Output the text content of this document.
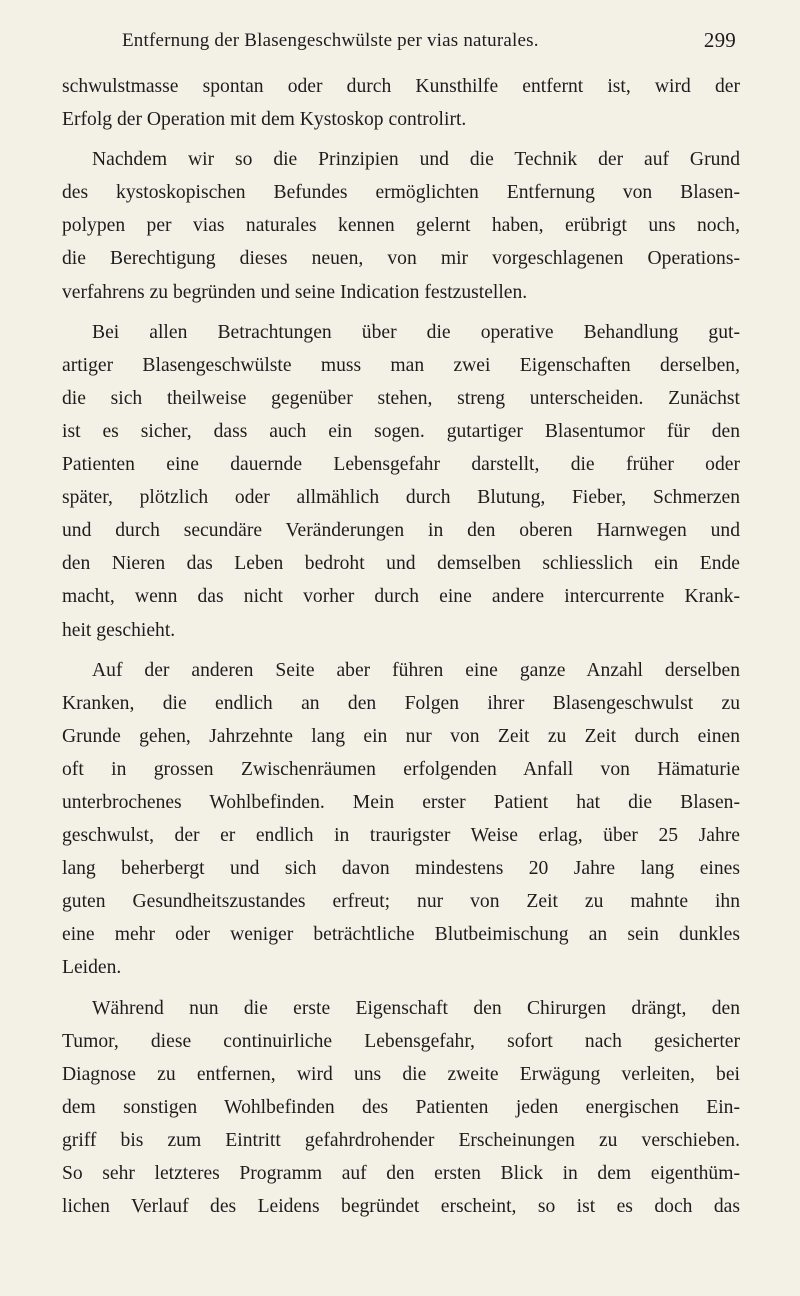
Entfernung der Blasengeschwülste per vias naturales.	299
schwulstmasse spontan oder durch Kunsthilfe entfernt ist, wird der
Erfolg der Operation mit dem Kystoskop controlirt.
Nachdem wir so die Prinzipien und die Technik der auf Grund
des kystoskopischen Befundes ermöglichten Entfernung von Blasen-
polypen per vias naturales kennen gelernt haben, erübrigt uns noch,
die Berechtigung dieses neuen, von mir vorgeschlagenen Operations-
verfahrens zu begründen und seine Indication festzustellen.
Bei allen Betrachtungen über die operative Behandlung gut-
artiger Blasengeschwülste muss man zwei Eigenschaften derselben,
die sich theilweise gegenüber stehen, streng unterscheiden. Zunächst
ist es sicher, dass auch ein sogen. gutartiger Blasentumor für den
Patienten eine dauernde Lebensgefahr darstellt, die früher oder
später, plötzlich oder allmählich durch Blutung, Fieber, Schmerzen
und durch secundäre Veränderungen in den oberen Harnwegen und
den Nieren das Leben bedroht und demselben schliesslich ein Ende
macht, wenn das nicht vorher durch eine andere intercurrente Krank-
heit geschieht.
Auf der anderen Seite aber führen eine ganze Anzahl derselben
Kranken, die endlich an den Folgen ihrer Blasengeschwulst zu
Grunde gehen, Jahrzehnte lang ein nur von Zeit zu Zeit durch einen
oft in grossen Zwischenräumen erfolgenden Anfall von Hämaturie
unterbrochenes Wohlbefinden. Mein erster Patient hat die Blasen-
geschwulst, der er endlich in traurigster Weise erlag, über 25 Jahre
lang beherbergt und sich davon mindestens 20 Jahre lang eines
guten Gesundheitszustandes erfreut; nur von Zeit zu mahnte ihn
eine mehr oder weniger beträchtliche Blutbeimischung an sein dunkles
Leiden.
Während nun die erste Eigenschaft den Chirurgen drängt, den
Tumor, diese continuirliche Lebensgefahr, sofort nach gesicherter
Diagnose zu entfernen, wird uns die zweite Erwägung verleiten, bei
dem sonstigen Wohlbefinden des Patienten jeden energischen Ein-
griff bis zum Eintritt gefahrdrohender Erscheinungen zu verschieben.
So sehr letzteres Programm auf den ersten Blick in dem eigenthüm-
lichen Verlauf des Leidens begründet erscheint, so ist es doch das
